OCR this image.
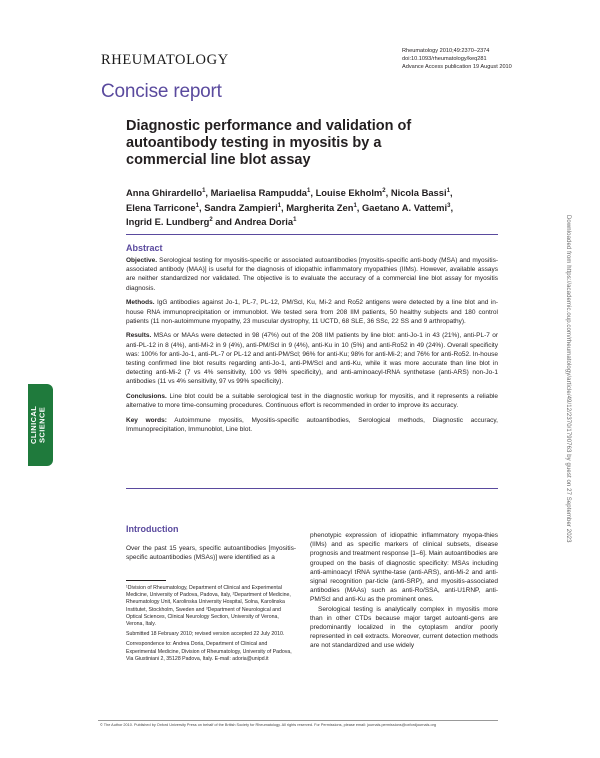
RHEUMATOLOGY
Rheumatology 2010;49:2370–2374
doi:10.1093/rheumatology/keq281
Advance Access publication 19 August 2010
Concise report
Diagnostic performance and validation of autoantibody testing in myositis by a commercial line blot assay
Anna Ghirardello$^1$, Mariaelisa Rampudda$^1$, Louise Ekholm$^2$, Nicola Bassi$^1$,
Elena Tarricone$^1$, Sandra Zampieri$^1$, Margherita Zen$^1$, Gaetano A. Vattemi$^3$,
Ingrid E. Lundberg$^2$ and Andrea Doria$^1$
Abstract

Objective. Serological testing for myositis-specific or associated autoantibodies [myositis-specific anti-body (MSA) and myositis-associated antibody (MAA)] is useful for the diagnosis of idiopathic inflammatory myopathies (IIMs). However, available assays are neither standardized nor validated. The objective is to evaluate the accuracy of a commercial line blot assay for myositis diagnosis.

Methods. IgG antibodies against Jo-1, PL-7, PL-12, PM/Scl, Ku, Mi-2 and Ro52 antigens were detected by a line blot and in-house RNA immunoprecipitation or immunoblot. We tested sera from 208 IIM patients, 50 healthy subjects and 180 control patients (11 non-autoimmune myopathy, 23 muscular dystrophy, 11 UCTD, 68 SLE, 36 SSc, 22 SS and 9 arthropathy).

Results. MSAs or MAAs were detected in 98 (47%) out of the 208 IIM patients by line blot: anti-Jo-1 in 43 (21%), anti-PL-7 or anti-PL-12 in 8 (4%), anti-Mi-2 in 9 (4%), anti-PM/Scl in 9 (4%), anti-Ku in 10 (5%) and anti-Ro52 in 49 (24%). Overall specificity was: 100% for anti-Jo-1, anti-PL-7 or PL-12 and anti-PM/Scl; 96% for anti-Ku; 98% for anti-Mi-2; and 76% for anti-Ro52. In-house testing confirmed line blot results regarding anti-Jo-1, anti-PM/Scl and anti-Ku, while it was more accurate than line blot in detecting anti-Mi-2 (7 vs 4% sensitivity, 100 vs 98% specificity), and anti-aminoacyl-tRNA synthetase (anti-ARS) non-Jo-1 antibodies (11 vs 4% sensitivity, 97 vs 99% specificity).

Conclusions. Line blot could be a suitable serological test in the diagnostic workup for myositis, and it represents a reliable alternative to more time-consuming procedures. Continuous effort is recommended in order to improve its accuracy.

Key words: Autoimmune myositis, Myositis-specific autoantibodies, Serological methods, Diagnostic accuracy, Immunoprecipitation, Immunoblot, Line blot.

Introduction

Over the past 15 years, specific autoantibodies [myositis-specific autoantibodies (MSAs)] were identified as a

¹Division of Rheumatology, Department of Clinical and Experimental Medicine, University of Padova, Padova, Italy, ²Department of Medicine, Rheumatology Unit, Karolinska University Hospital, Solna, Karolinska Institutet, Stockholm, Sweden and ³Department of Neurological and Optical Sciences, Clinical Neurology Section, University of Verona, Verona, Italy.

Submitted 18 February 2010; revised version accepted 22 July 2010.

Correspondence to: Andrea Doria, Department of Clinical and Experimental Medicine, Division of Rheumatology, University of Padova, Via Giustiniani 2, 35128 Padova, Italy. E-mail: adoria@unipd.it

phenotypic expression of idiopathic inflammatory myopa-thies (IIMs) and as specific markers of clinical subsets, disease prognosis and treatment response [1–6]. Main autoantibodies are grouped on the basis of diagnostic specificity: MSAs including anti-aminoacyl tRNA synthe-tase (anti-ARS), anti-Mi-2 and anti-signal recognition par-ticle (anti-SRP), and myositis-associated antibodies (MAAs) such as anti-Ro/SSA, anti-U1RNP, anti-PM/Scl and anti-Ku as the prominent ones.

Serological testing is analytically complex in myositis more than in other CTDs because major target autoanti-gens are predominantly localized in the cytoplasm and/or poorly represented in cell extracts. Moreover, current detection methods are not standardized and use widely

© The Author 2010. Published by Oxford University Press on behalf of the British Society for Rheumatology. All rights reserved. For Permissions, please email: journals.permissions@oxfordjournals.org
CLINICAL SCIENCE	Downloaded from https://academic.oup.com/rheumatology/article/49/12/2370/1790763 by guest on 27 September 2023
